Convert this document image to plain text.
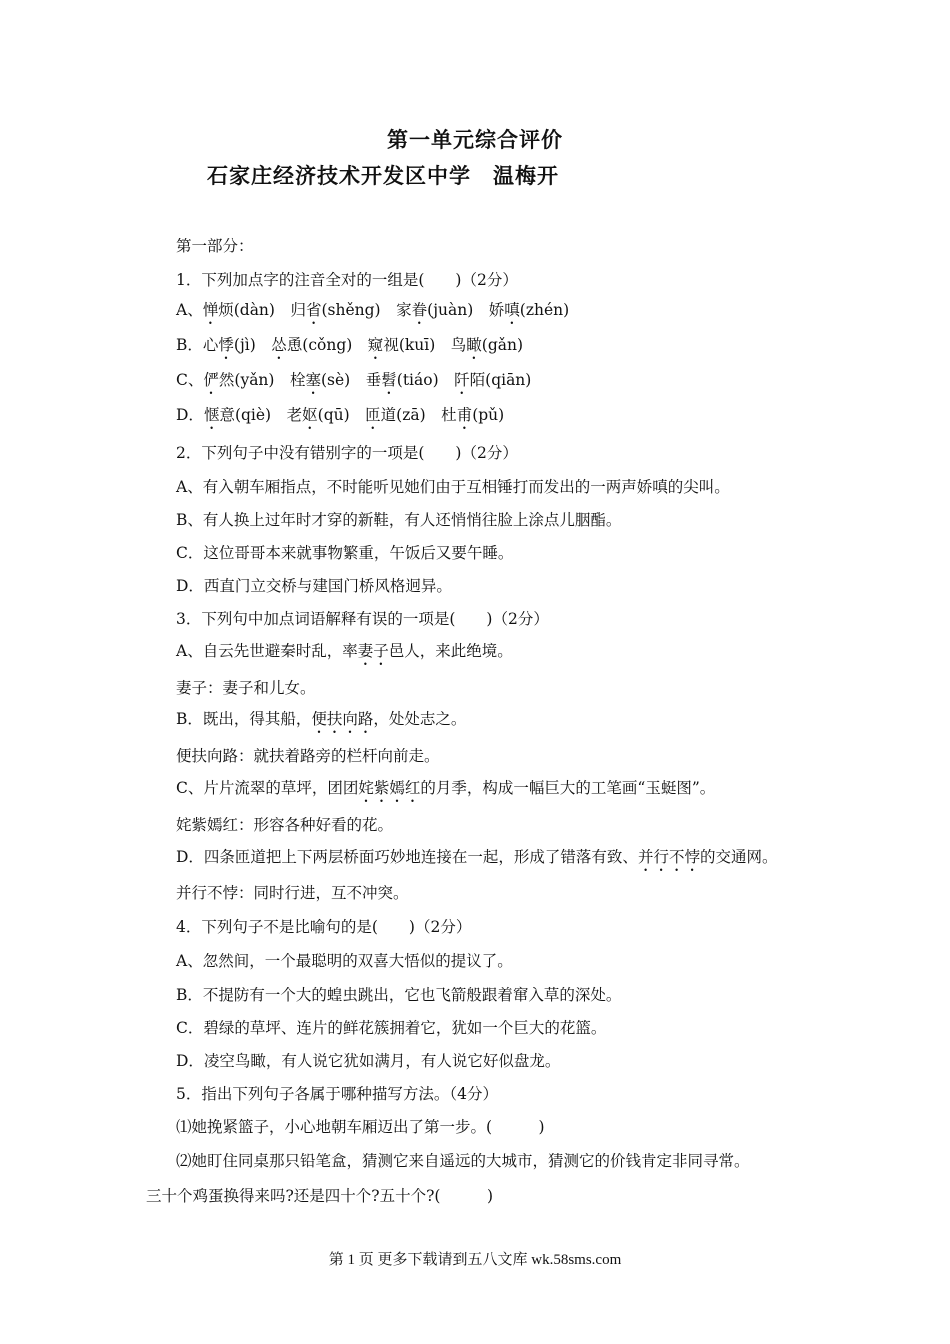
第一单元综合评价
石家庄经济技术开发区中学　温梅开
第一部分：
1．下列加点字的注音全对的一组是(　　)（2分）
A、惮烦(dàn)　归省(shěng)　家眷(juàn)　娇嗔(zhén)
B．心悸(jì)　怂恿(cǒng)　窥视(kuī)　鸟瞰(gǎn)
C、俨然(yǎn)　栓塞(sè)　垂髫(tiáo)　阡陌(qiān)
D．惬意(qiè)　老妪(qū)　匝道(zā)　杜甫(pǔ)
2．下列句子中没有错别字的一项是(　　)（2分）
A、有入朝车厢指点，不时能听见她们由于互相锤打而发出的一两声娇嗔的尖叫。
B、有人换上过年时才穿的新鞋，有人还悄悄往脸上涂点儿胭酯。
C．这位哥哥本来就事物繁重，午饭后又要午睡。
D．西直门立交桥与建国门桥风格迥异。
3．下列句中加点词语解释有误的一项是(　　)（2分）
A、自云先世避秦时乱，率妻子邑人，来此绝境。
妻子：妻子和儿女。
B．既出，得其船，便扶向路，处处志之。
便扶向路：就扶着路旁的栏杆向前走。
C、片片流翠的草坪，团团姹紫嫣红的月季，构成一幅巨大的工笔画“玉蜓图”。
姹紫嫣红：形容各种好看的花。
D．四条匝道把上下两层桥面巧妙地连接在一起，形成了错落有致、并行不悖的交通网。
并行不悖：同时行进，互不冲突。
4．下列句子不是比喻句的是(　　)（2分）
A、忽然间，一个最聪明的双喜大悟似的提议了。
B．不提防有一个大的蝗虫跳出，它也飞箭般跟着窜入草的深处。
C．碧绿的草坪、连片的鲜花簇拥着它，犹如一个巨大的花篮。
D．凌空鸟瞰，有人说它犹如满月，有人说它好似盘龙。
5．指出下列句子各属于哪种描写方法。（4分）
⑴她挽紧篮子，小心地朝车厢迈出了第一步。(　　　)
⑵她盯住同桌那只铅笔盒，猜测它来自遥远的大城市，猜测它的价钱肯定非同寻常。
三十个鸡蛋换得来吗?还是四十个?五十个?(　　　)
第 1 页 更多下载请到五八文库 wk.58sms.com
